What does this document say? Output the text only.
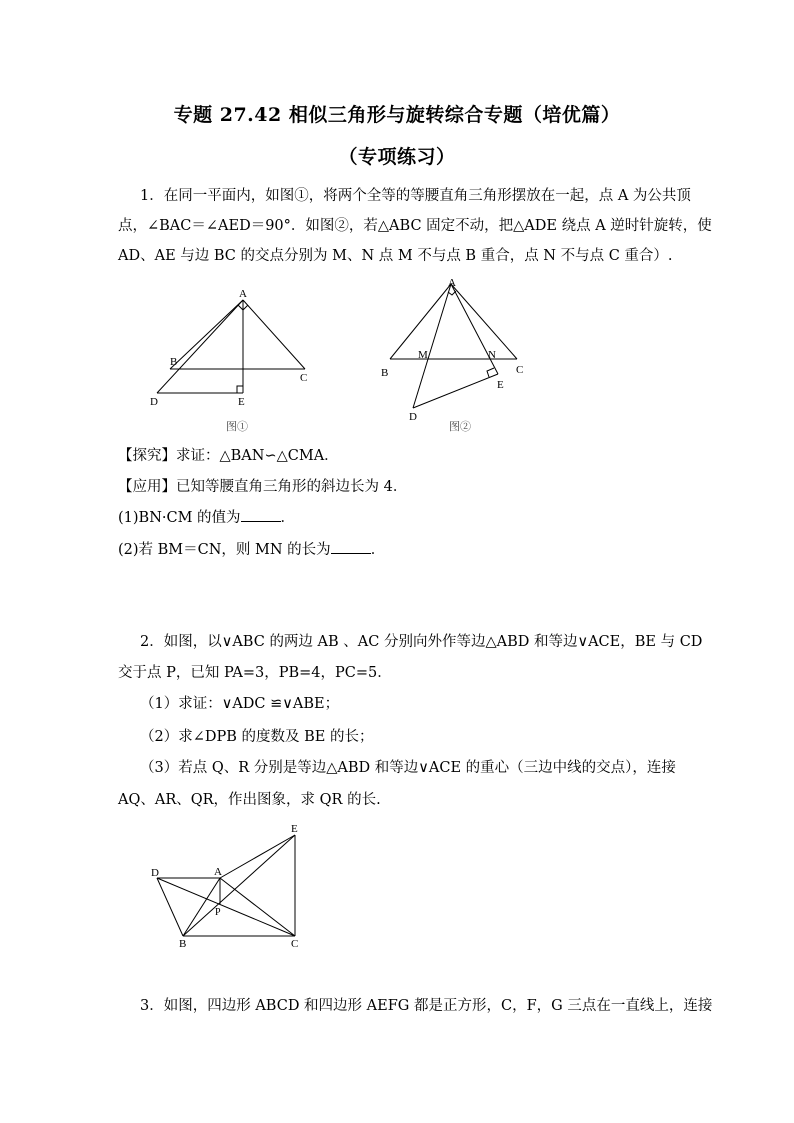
专题 27.42 相似三角形与旋转综合专题（培优篇）
（专项练习）
1．在同一平面内，如图①，将两个全等的等腰直角三角形摆放在一起，点 A 为公共顶
点，∠BAC＝∠AED＝90°．如图②，若△ABC 固定不动，把△ADE 绕点 A 逆时针旋转，使
AD、AE 与边 BC 的交点分别为 M、N 点 M 不与点 B 重合，点 N 不与点 C 重合）.
A
B
C
D	E
图①
A
B	C
D
E
M	N
图②
【探究】求证：△BAN∽△CMA．
【应用】已知等腰直角三角形的斜边长为 4．
(1)BN·CM 的值为	．
(2)若 BM＝CN，则 MN 的长为	．
2．如图，以∨ABC 的两边 AB 、AC 分别向外作等边△ABD 和等边∨ACE，BE 与 CD
交于点 P，已知 PA=3，PB=4，PC=5．
（1）求证：∨ADC ≌∨ABE；
（2）求∠DPB 的度数及 BE 的长；
（3）若点 Q、R 分别是等边△ABD 和等边∨ACE 的重心（三边中线的交点），连接
AQ、AR、QR，作出图象，求 QR 的长.
D	A
E
P
B	C
3．如图，四边形 ABCD 和四边形 AEFG 都是正方形，C，F，G 三点在一直线上，连接
